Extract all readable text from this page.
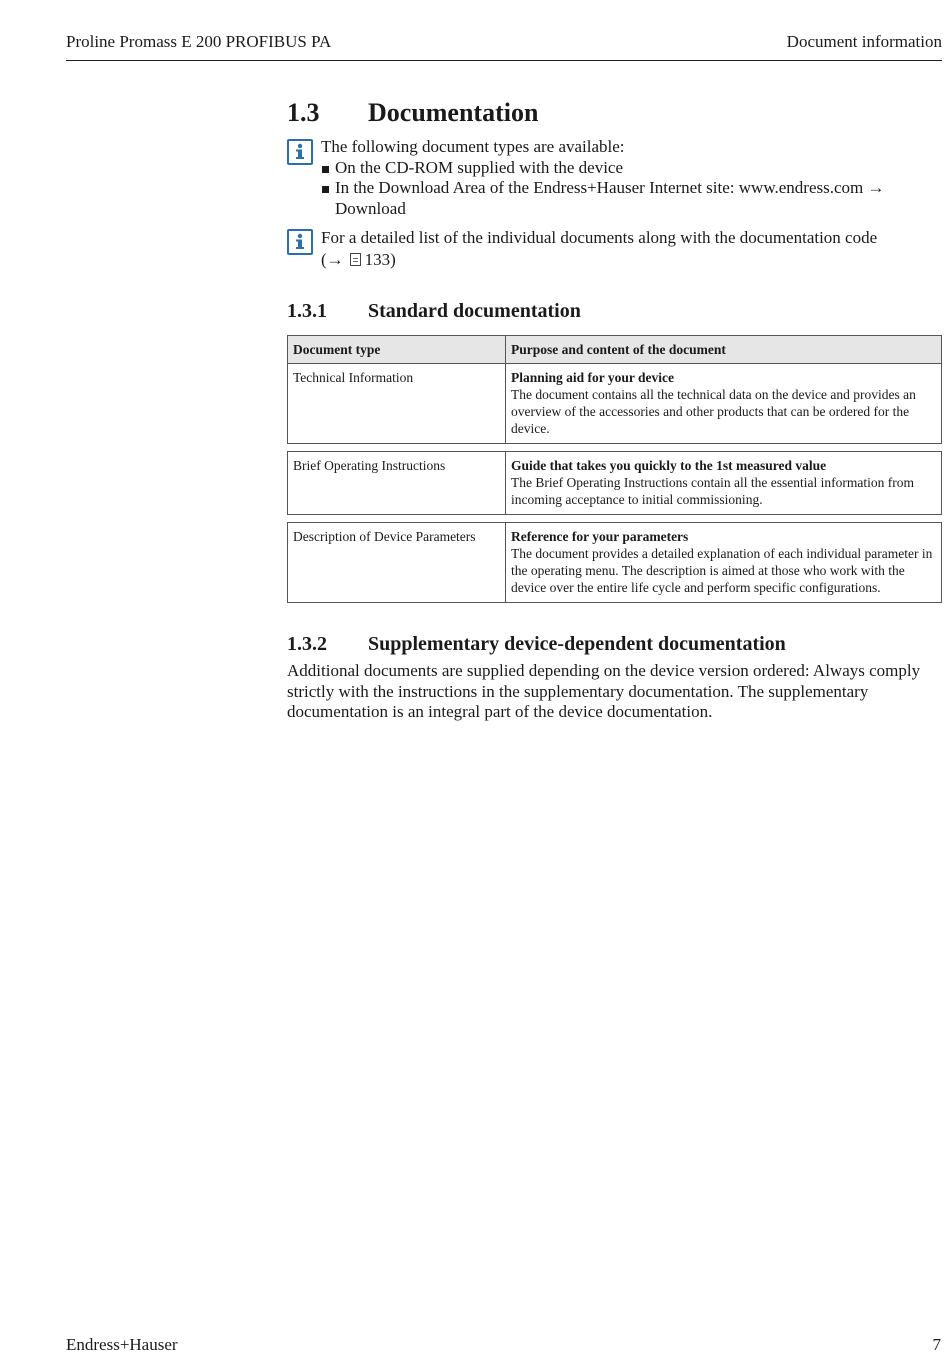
Proline Promass E 200 PROFIBUS PA	Document information
1.3	Documentation
The following document types are available:
On the CD-ROM supplied with the device
In the Download Area of the Endress+Hauser Internet site: www.endress.com →
Download
For a detailed list of the individual documents along with the documentation code
(→ 133)
1.3.1	Standard documentation
Document type	Purpose and content of the document
Technical Information	Planning aid for your device
The document contains all the technical data on the device and provides an overview of the accessories and other products that can be ordered for the device.

Brief Operating Instructions	Guide that takes you quickly to the 1st measured value
The Brief Operating Instructions contain all the essential information from incoming acceptance to initial commissioning.

Description of Device Parameters	Reference for your parameters
The document provides a detailed explanation of each individual parameter in the operating menu. The description is aimed at those who work with the device over the entire life cycle and perform specific configurations.
1.3.2	Supplementary device-dependent documentation

Additional documents are supplied depending on the device version ordered: Always comply strictly with the instructions in the supplementary documentation. The supplementary documentation is an integral part of the device documentation.

Endress+Hauser	7
